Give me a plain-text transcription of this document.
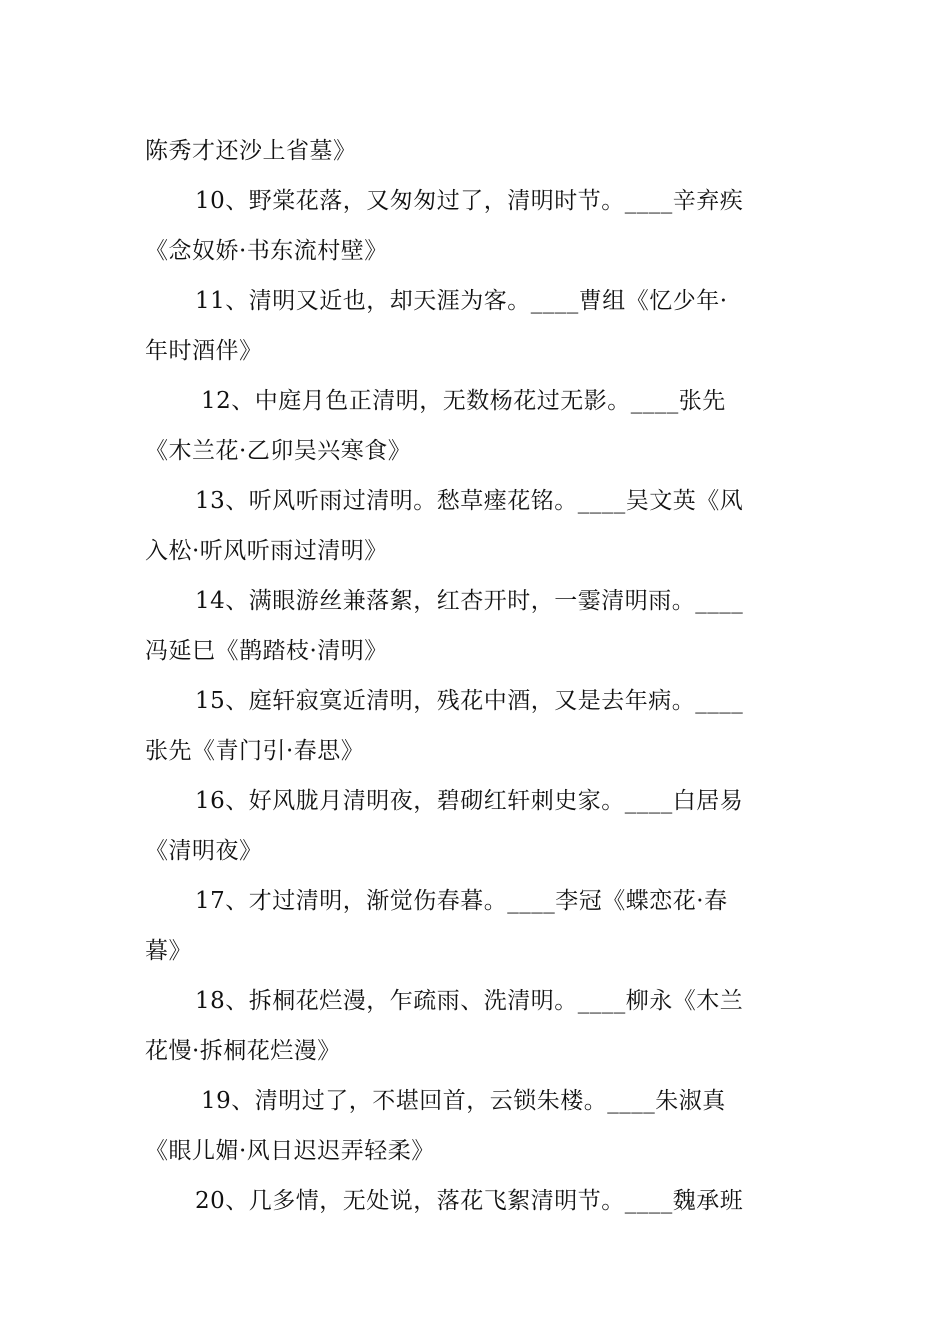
陈秀才还沙上省墓》
10、野棠花落，又匆匆过了，清明时节。____辛弃疾
《念奴娇·书东流村壁》
11、清明又近也，却天涯为客。____曹组《忆少年·
年时酒伴》
12、中庭月色正清明，无数杨花过无影。____张先
《木兰花·乙卯吴兴寒食》
13、听风听雨过清明。愁草瘗花铭。____吴文英《风
入松·听风听雨过清明》
14、满眼游丝兼落絮，红杏开时，一霎清明雨。____
冯延巳《鹊踏枝·清明》
15、庭轩寂寞近清明，残花中酒，又是去年病。____
张先《青门引·春思》
16、好风胧月清明夜，碧砌红轩刺史家。____白居易
《清明夜》
17、才过清明，渐觉伤春暮。____李冠《蝶恋花·春
暮》
18、拆桐花烂漫，乍疏雨、洗清明。____柳永《木兰
花慢·拆桐花烂漫》
19、清明过了，不堪回首，云锁朱楼。____朱淑真
《眼儿媚·风日迟迟弄轻柔》
20、几多情，无处说，落花飞絮清明节。____魏承班
